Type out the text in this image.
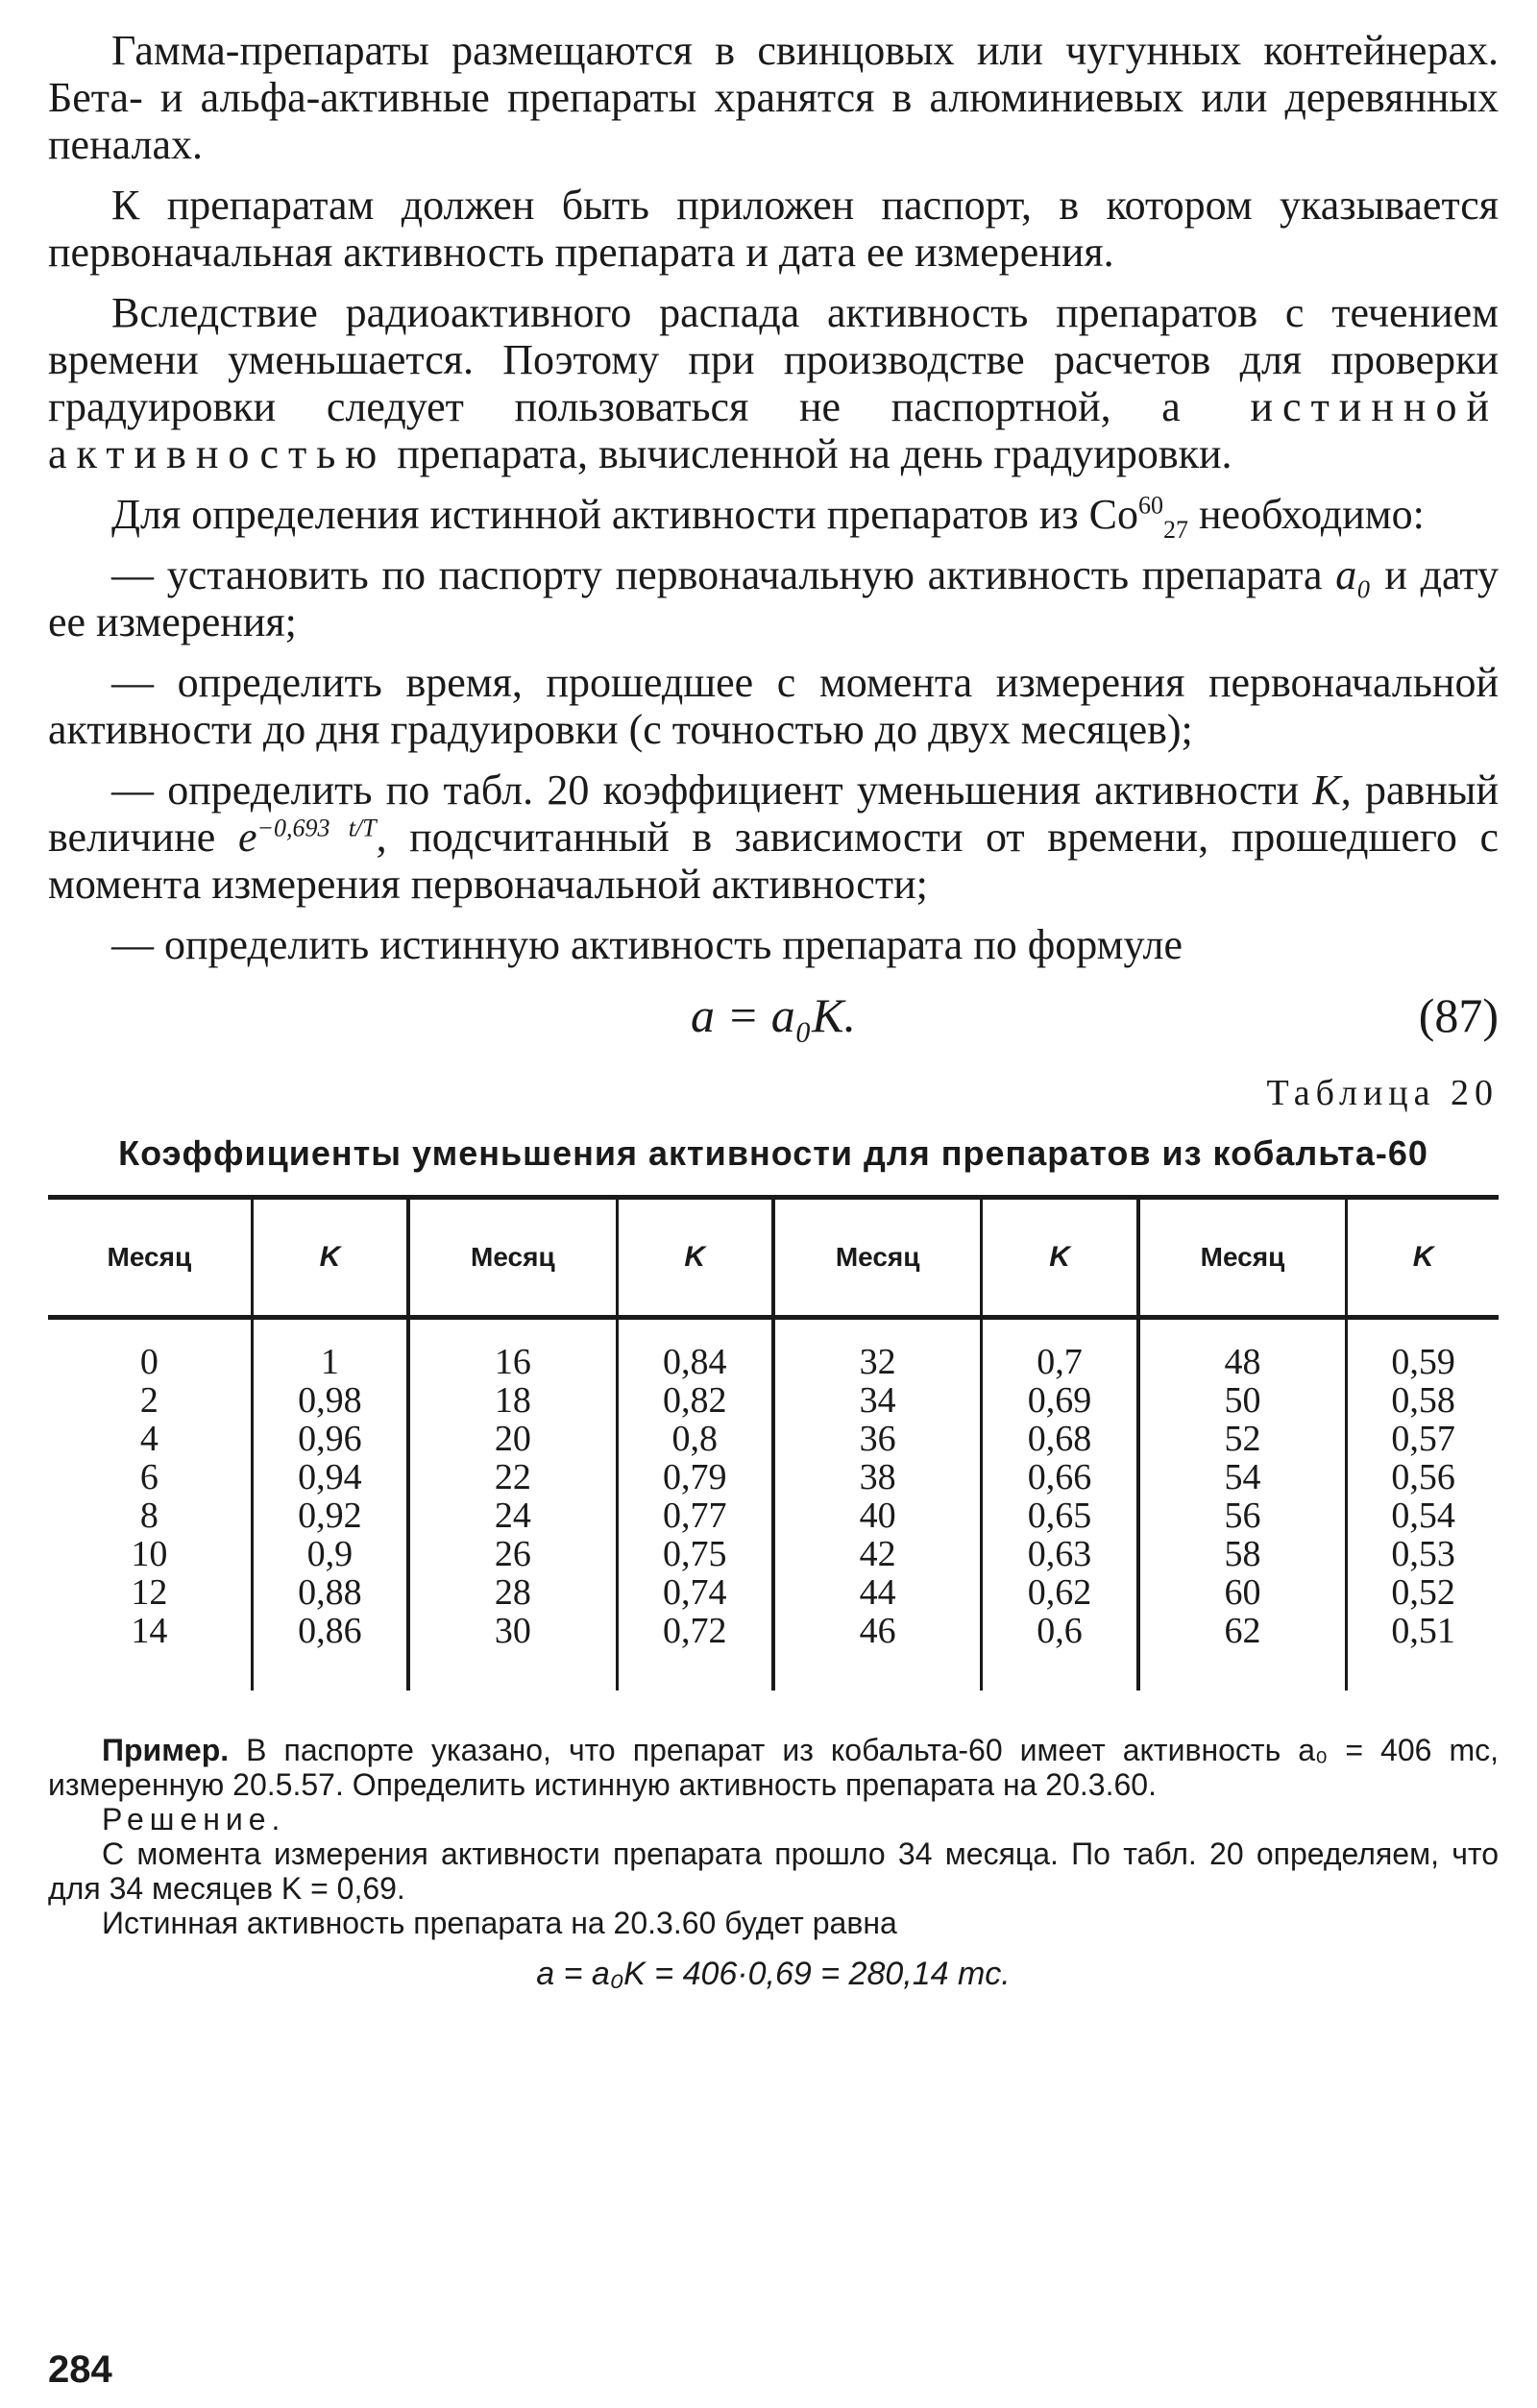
Гамма-препараты размещаются в свинцовых или чугунных контейнерах. Бета- и альфа-активные препараты хранятся в алюминиевых или деревянных пеналах.

К препаратам должен быть приложен паспорт, в котором указывается первоначальная активность препарата и дата ее измерения.

Вследствие радиоактивного распада активность препаратов с течением времени уменьшается. Поэтому при производстве расчетов для проверки градуировки следует пользоваться не паспортной, а истинной активностью препарата, вычисленной на день градуировки.

Для определения истинной активности препаратов из $Co^{60}_{27}$ необходимо:

— установить по паспорту первоначальную активность препарата a₀ и дату ее измерения;

— определить время, прошедшее с момента измерения первоначальной активности до дня градуировки (с точностью до двух месяцев);

— определить по табл. 20 коэффициент уменьшения активности K, равный величине $e^{-0,693 t/T}$, подсчитанный в зависимости от времени, прошедшего с момента измерения первоначальной активности;

— определить истинную активность препарата по формуле

a = a₀K.	(87)
Таблица 20
Коэффициенты уменьшения активности для препаратов из кобальта-60
Месяц	K	Месяц	K	Месяц	K	Месяц	K
0	1	16	0,84	32	0,7	48	0,59
2	0,98	18	0,82	34	0,69	50	0,58
4	0,96	20	0,8	36	0,68	52	0,57
6	0,94	22	0,79	38	0,66	54	0,56
8	0,92	24	0,77	40	0,65	56	0,54
10	0,9	26	0,75	42	0,63	58	0,53
12	0,88	28	0,74	44	0,62	60	0,52
14	0,86	30	0,72	46	0,6	62	0,51

Пример. В паспорте указано, что препарат из кобальта-60 имеет активность a₀ = 406 mc, измеренную 20.5.57. Определить истинную активность препарата на 20.3.60.

Решение.

С момента измерения активности препарата прошло 34 месяца. По табл. 20 определяем, что для 34 месяцев K = 0,69.

Истинная активность препарата на 20.3.60 будет равна

a = a₀K = 406·0,69 = 280,14 mc.
284
